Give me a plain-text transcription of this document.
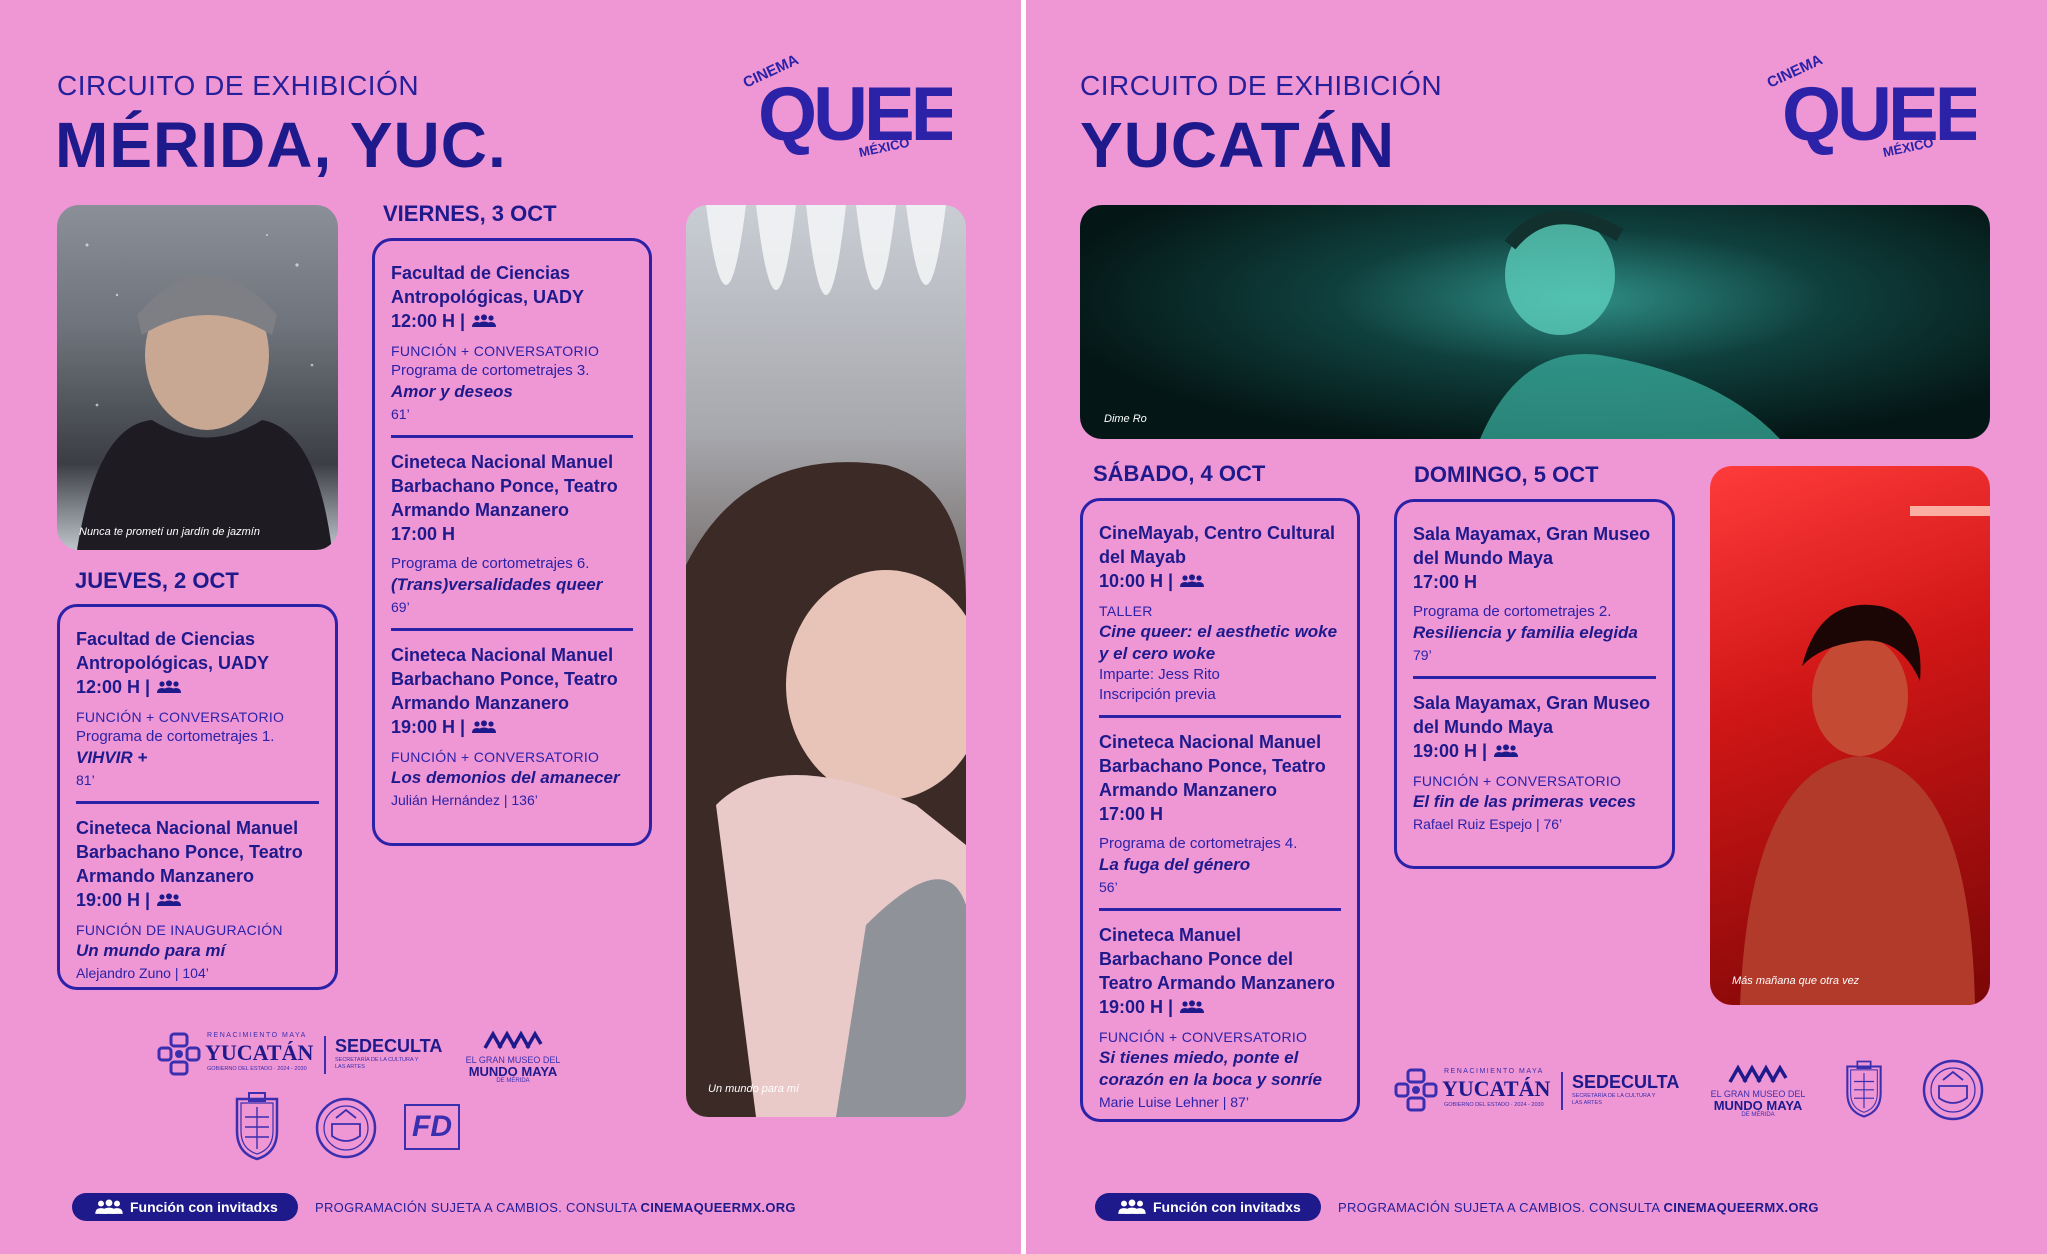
CIRCUITO DE EXHIBICIÓN
MÉRIDA, YUC.
CINEMA
QUEE
MÉXICO
Nunca te prometí un jardín de jazmín
Un mundo para mí
JUEVES, 2 OCT
Facultad de Ciencias Antropológicas, UADY
12:00 H |
FUNCIÓN + CONVERSATORIO
Programa de cortometrajes 1.
VIHVIR +
81’
Cineteca Nacional Manuel Barbachano Ponce, Teatro Armando Manzanero
19:00 H |
FUNCIÓN DE INAUGURACIÓN
Un mundo para mí
Alejandro Zuno | 104’
VIERNES, 3 OCT
Facultad de Ciencias Antropológicas, UADY
12:00 H |
FUNCIÓN + CONVERSATORIO
Programa de cortometrajes 3.
Amor y deseos
61’
Cineteca Nacional Manuel Barbachano Ponce, Teatro Armando Manzanero
17:00 H
Programa de cortometrajes 6.
(Trans)versalidades queer
69’
Cineteca Nacional Manuel Barbachano Ponce, Teatro Armando Manzanero
19:00 H |
FUNCIÓN + CONVERSATORIO
Los demonios del amanecer
Julián Hernández | 136’
RENACIMIENTO MAYA
YUCATÁN
GOBIERNO DEL ESTADO · 2024 - 2030
SEDECULTA
SECRETARÍA DE LA CULTURA Y LAS ARTES
EL GRAN MUSEO DEL
MUNDO MAYA
DE MÉRIDA
FD
Función con invitadxs	PROGRAMACIÓN SUJETA A CAMBIOS. CONSULTA CINEMAQUEERMX.ORG
CIRCUITO DE EXHIBICIÓN
YUCATÁN
CINEMA
QUEE
MÉXICO
Dime Ro
Más mañana que otra vez
SÁBADO, 4 OCT
CineMayab, Centro Cultural del Mayab
10:00 H |
TALLER
Cine queer: el aesthetic woke y el cero woke
Imparte: Jess Rito
Inscripción previa
Cineteca Nacional Manuel Barbachano Ponce, Teatro Armando Manzanero
17:00 H
Programa de cortometrajes 4.
La fuga del género
56’
Cineteca Manuel Barbachano Ponce del Teatro Armando Manzanero
19:00 H |
FUNCIÓN + CONVERSATORIO
Si tienes miedo, ponte el corazón en la boca y sonríe
Marie Luise Lehner | 87’
DOMINGO, 5 OCT
Sala Mayamax, Gran Museo del Mundo Maya
17:00 H
Programa de cortometrajes 2.
Resiliencia y familia elegida
79’
Sala Mayamax, Gran Museo del Mundo Maya
19:00 H |
FUNCIÓN + CONVERSATORIO
El fin de las primeras veces
Rafael Ruiz Espejo | 76’
RENACIMIENTO MAYA
YUCATÁN
GOBIERNO DEL ESTADO · 2024 - 2030
SEDECULTA
SECRETARÍA DE LA CULTURA Y LAS ARTES
EL GRAN MUSEO DEL
MUNDO MAYA
DE MÉRIDA
Función con invitadxs	PROGRAMACIÓN SUJETA A CAMBIOS. CONSULTA CINEMAQUEERMX.ORG
